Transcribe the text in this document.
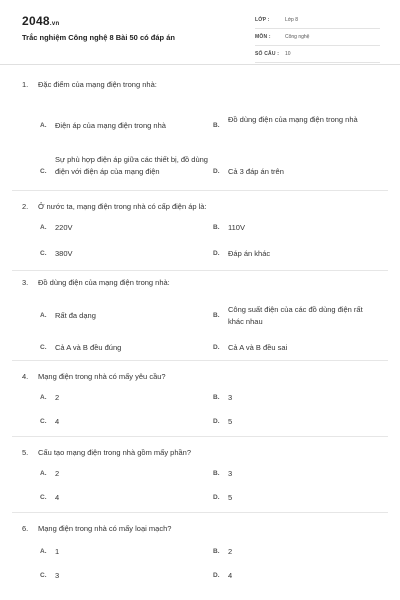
2048.vn
Trắc nghiệm Công nghệ 8 Bài 50 có đáp án
LỚP :	Lớp 8
MÔN :	Công nghệ
SỐ CÂU : 10
1. Đặc điểm của mạng điện trong nhà:
A. Điện áp của mạng điện trong nhà	B.
Đồ dùng điện của mạng điện trong nhà
C.
Sự phù hợp điện áp giữa các thiết bị, đồ dùng điện với điện áp của mạng điện	D. Cả 3 đáp án trên
2. Ở nước ta, mạng điện trong nhà có cấp điện áp là:
A. 220V	B. 110V
C. 380V	D. Đáp án khác
3. Đồ dùng điện của mạng điện trong nhà:
A. Rất đa dạng	B.
Công suất điện của các đồ dùng điện rất khác nhau
C. Cả A và B đều đúng	D. Cả A và B đều sai
4. Mạng điện trong nhà có mấy yêu cầu?
A. 2	B. 3
C. 4	D. 5
5. Cấu tạo mạng điện trong nhà gồm mấy phần?
A. 2	B. 3
C. 4	D. 5
6. Mạng điện trong nhà có mấy loại mạch?
A. 1	B. 2
C. 3	D. 4
